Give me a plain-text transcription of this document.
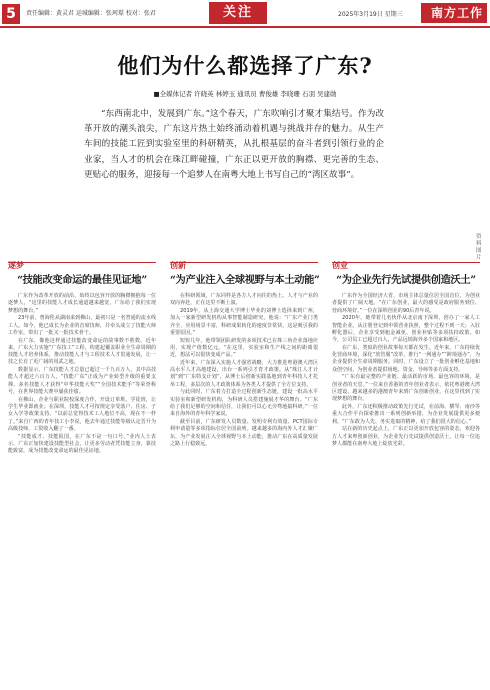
5	责任编辑：黄灵君 运城编辑：张珂璟 校对：张君	关注	2025年3月19日 星期三	南方工作
他们为什么都选择了广东?
■全媒体记者 许晓英 林婷玉 通讯员 曹俊雄 李晓珊 石羽 吴建勋

“东西南北中，发展到广东。”这个春天，广东吹响引才聚才集结号。作为改革开放的潮头浪尖，广东这片热土始终涌动着机遇与挑战并存的魅力。从生产车间的技能工匠到实验室里的科研精英，从扎根基层的奋斗者到引领行业的企业家，当人才的机会在珠江畔碰撞，广东正以更开放的胸襟、更完善的生态、更贴心的服务，迎接每一个追梦人在南粤大地上书写自己的“湾区故事”。

资料图片
逐梦
“技能改变命运的最佳见证地”

广东作为改革开放的前沿，始终以包容开放的胸襟拥抱每一位逐梦人，“这里的技能人才成长通道越来越宽，广东给了我们实现梦想的舞台。”

23年前，曾海伦从湖南来到佛山，最初只是一名普通的流水线工人。如今，他已成长为企业的首席技师，并牵头成立了技能大师工作室，带出了一批又一批技术骨干。

在广东，像他这样通过技能改变命运的故事数不胜数。近年来，广东大力实施“广东技工”工程，构建起覆盖职业全生命周期的技能人才培养体系，推动技能人才与工程技术人才贯通发展，让一技之长有了更广阔的用武之地。

数据显示，广东技能人才总量已超过一千九百万人，其中高技能人才超过六百万人，“技能广东”正成为产业转型升级的重要支撑。多名技能人才获得“中华技能大奖”“全国技术能手”等荣誉称号，在世界技能大赛中屡获佳绩。

在佛山，企业与职业院校深度合作，开设订单班、学徒班，让学生毕业即就业；在深圳，技能人才可按规定享受落户、住房、子女入学等政策支持。“以前总觉得技术工人地位不高，现在不一样了。”来自广西的青年技工小李说，他去年通过技能等级认定晋升为高级技师，工资收入翻了一番。

“技能成才、技能报国，在广东不是一句口号。”业内人士表示，广东正加快建设技能型社会，让更多劳动者凭技能立身、靠技能致富，成为技能改变命运的最佳见证地。

创新
“为产业注入全球视野与本土动能”

在科研领域，广东同样是各方人才向往的热土。人才与产业的双向奔赴，正在这里不断上演。

2019年，从上海交通大学博士毕业的刘博士选择来到广州，加入一家新型研发机构从事智能制造研究。他说：“广东产业门类齐全，应用场景丰富，科研成果转化的速度非常快，这是吸引我的重要原因。”

短短几年，他带领团队研发的多项技术已在珠三角企业落地应用，实现产值数亿元。“在这里，实验室和生产线之间的距离很近，想法可以很快变成产品。”

近年来，广东深入实施人才强省战略，大力推进粤港澳大湾区高水平人才高地建设，出台一系列引才育才政策。从“珠江人才计划”到“广东特支计划”，从博士后创新实践基地到青年科技人才托举工程，多层次的人才政策体系为各类人才提供了全方位支持。

与此同时，广东着力打造全过程创新生态链，建设一批高水平实验室和新型研发机构，为科研人员搭建施展才华的舞台。“广东给了我们足够的空间和信任，让我们可以心无旁骛地搞科研。”一位来自海外的青年科学家说。

截至目前，广东研发人员数量、发明专利有效量、PCT国际专利申请量等多项指标位居全国前列。越来越多的海内外人才汇聚广东，为产业发展注入全球视野与本土动能，推动广东在高质量发展之路上行稳致远。

创业
“为企业先行先试提供创造沃土”

广东作为全国经济大省，市场主体总量位居全国首位，为创业者提供了广阔天地。“在广东创业，最大的感受是政府服务到位、营商环境好。”一位在深圳创业的90后青年说。

2020年，她带着几名伙伴从北京南下深圳，创办了一家人工智能企业。从注册登记到申领营业执照，整个过程不到一天；入驻孵化器后，企业享受到租金减免、创业补贴等多项扶持政策。如今，公司员工已超过百人，产品远销海外多个国家和地区。

在广东，类似的创业故事每天都在发生。近年来，广东持续优化营商环境，深化“放管服”改革，推行“一网通办”“跨境通办”，为企业提供全生命周期服务。同时，广东设立了一批创业孵化基地和众创空间，为创业者提供场地、资金、导师等多方面支持。

“广东有最完整的产业链、最活跃的市场、最包容的环境，是创业者的天堂。”一位来自香港的青年创业者表示，依托粤港澳大湾区建设，越来越多的港澳青年来到广东创新创业，在这里找到了实现梦想的舞台。

此外，广东还积极推动政策先行先试，在前海、横琴、南沙等重大合作平台探索推出一系列创新举措，为企业发展提供更多便利。“广东敢为人先、务实进取的精神，给了我们很大的信心。”

站在新的历史起点上，广东正以更加开放包容的姿态，欢迎各方人才来粤创新创业，为企业先行先试提供创造沃土，让每一位追梦人都能在南粤大地上绽放光彩。
